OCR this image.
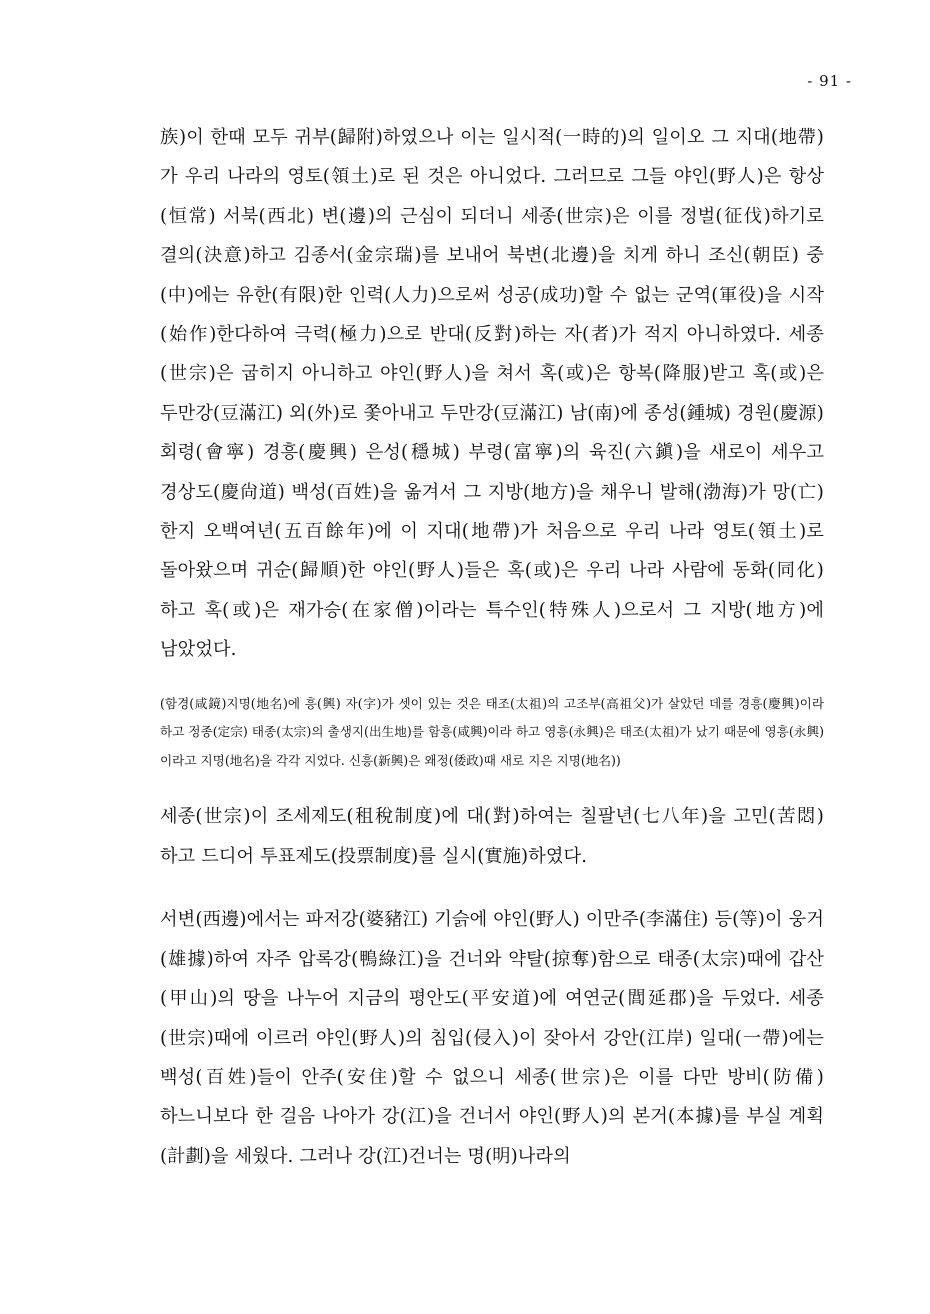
- 91 -

族)이 한때 모두 귀부(歸附)하였으나 이는 일시적(一時的)의 일이오 그 지대(地帶)가 우리 나라의 영토(領土)로 된 것은 아니었다. 그러므로 그들 야인(野人)은 항상(恒常) 서북(西北) 변(邊)의 근심이 되더니 세종(世宗)은 이를 정벌(征伐)하기로 결의(決意)하고 김종서(金宗瑞)를 보내어 북변(北邊)을 치게 하니 조신(朝臣) 중(中)에는 유한(有限)한 인력(人力)으로써 성공(成功)할 수 없는 군역(軍役)을 시작(始作)한다하여 극력(極力)으로 반대(反對)하는 자(者)가 적지 아니하였다. 세종(世宗)은 굽히지 아니하고 야인(野人)을 쳐서 혹(或)은 항복(降服)받고 혹(或)은 두만강(豆滿江) 외(外)로 쫓아내고 두만강(豆滿江) 남(南)에 종성(鍾城) 경원(慶源) 회령(會寧) 경흥(慶興) 은성(穩城) 부령(富寧)의 육진(六鎭)을 새로이 세우고 경상도(慶尙道) 백성(百姓)을 옮겨서 그 지방(地方)을 채우니 발해(渤海)가 망(亡)한지 오백여년(五百餘年)에 이 지대(地帶)가 처음으로 우리 나라 영토(領土)로 돌아왔으며 귀순(歸順)한 야인(野人)들은 혹(或)은 우리 나라 사람에 동화(同化)하고 혹(或)은 재가승(在家僧)이라는 특수인(特殊人)으로서 그 지방(地方)에 남았었다.

(함경(咸鏡)지명(地名)에 흥(興) 자(字)가 셋이 있는 것은 태조(太祖)의 고조부(高祖父)가 살았던 데를 경흥(慶興)이라 하고 정종(定宗) 태종(太宗)의 출생지(出生地)를 함흥(咸興)이라 하고 영흥(永興)은 태조(太祖)가 났기 때문에 영흥(永興)이라고 지명(地名)을 각각 지었다. 신흥(新興)은 왜정(倭政)때 새로 지은 지명(地名))

세종(世宗)이 조세제도(租稅制度)에 대(對)하여는 칠팔년(七八年)을 고민(苦悶)하고 드디어 투표제도(投票制度)를 실시(實施)하였다.

서변(西邊)에서는 파저강(婆豬江) 기슭에 야인(野人) 이만주(李滿住) 등(等)이 웅거(雄據)하여 자주 압록강(鴨綠江)을 건너와 약탈(掠奪)함으로 태종(太宗)때에 갑산(甲山)의 땅을 나누어 지금의 평안도(平安道)에 여연군(閭延郡)을 두었다. 세종(世宗)때에 이르러 야인(野人)의 침입(侵入)이 잦아서 강안(江岸) 일대(一帶)에는 백성(百姓)들이 안주(安住)할 수 없으니 세종(世宗)은 이를 다만 방비(防備)하느니보다 한 걸음 나아가 강(江)을 건너서 야인(野人)의 본거(本據)를 부실 계획(計劃)을 세웠다. 그러나 강(江)건너는 명(明)나라의
